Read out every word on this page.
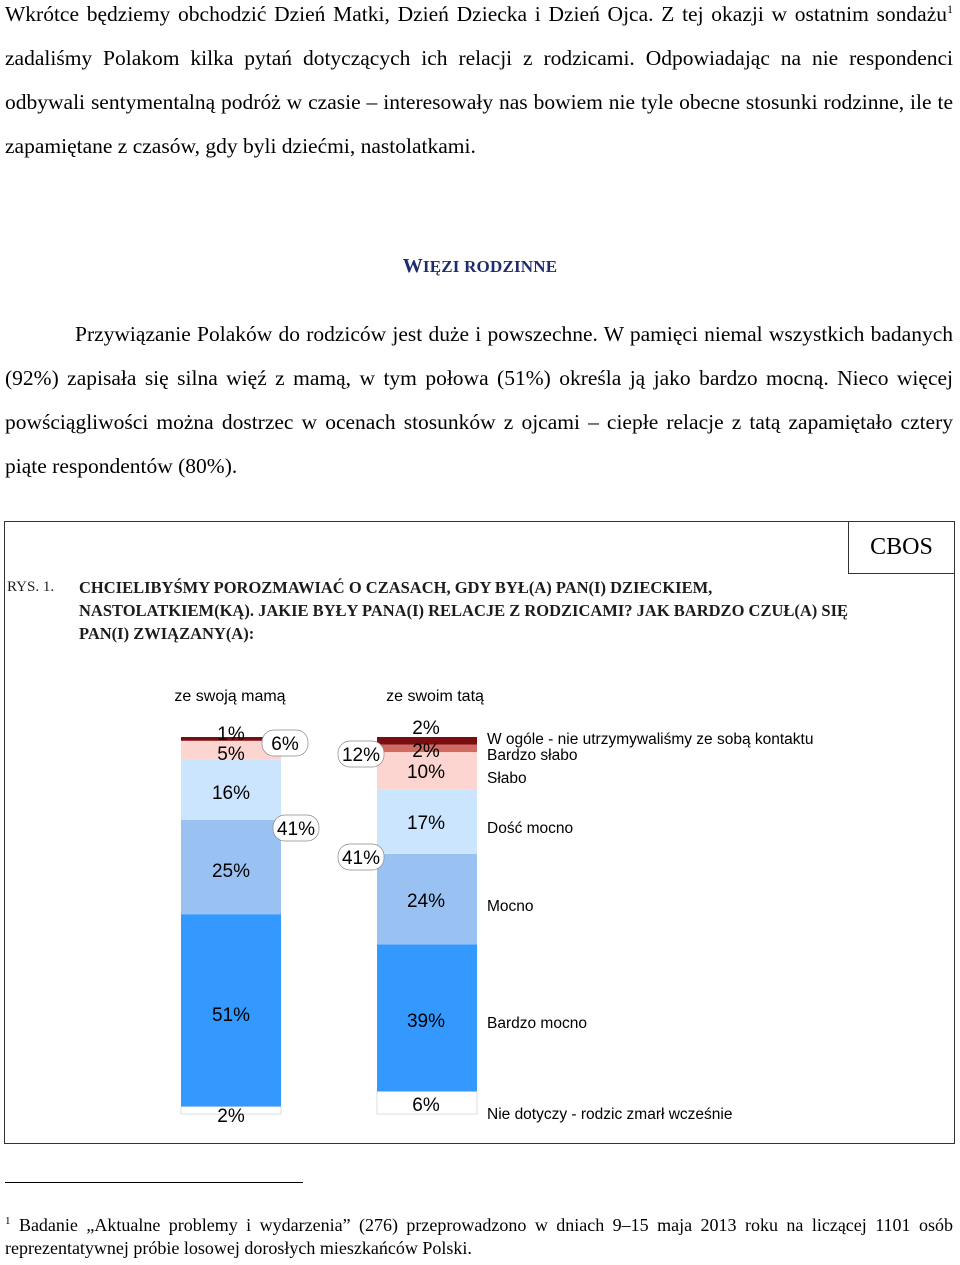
Wkrótce będziemy obchodzić Dzień Matki, Dzień Dziecka i Dzień Ojca. Z tej okazji w ostatnim sondażu$^1$ zadaliśmy Polakom kilka pytań dotyczących ich relacji z rodzicami. Odpowiadając na nie respondenci odbywali sentymentalną podróż w czasie – interesowały nas bowiem nie tyle obecne stosunki rodzinne, ile te zapamiętane z czasów, gdy byli dziećmi, nastolatkami.

WIĘZI RODZINNE

Przywiązanie Polaków do rodziców jest duże i powszechne. W pamięci niemal wszystkich badanych (92%) zapisała się silna więź z mamą, w tym połowa (51%) określa ją jako bardzo mocną. Nieco więcej powściągliwości można dostrzec w ocenach stosunków z ojcami – ciepłe relacje z tatą zapamiętało cztery piąte respondentów (80%).

CBOS
RYS. 1. CHCIELIBYŚMY POROZMAWIAĆ O CZASACH, GDY BYŁ(A) PAN(I) DZIECKIEM, NASTOLATKIEM(KĄ). JAKIE BYŁY PANA(I) RELACJE Z RODZICAMI? JAK BARDZO CZUŁ(A) SIĘ PAN(I) ZWIĄZANY(A):
ze swoją mamą	ze swoim tatą
2%
6%
51%	39%
25%
24%
16%
17%
5%
10%
2%
1%	2%
6%
41%
12%
41%
Nie dotyczy - rodzic zmarł wcześnie
Bardzo mocno
Mocno
Dość mocno
Słabo
Bardzo słabo
W ogóle - nie utrzymywaliśmy ze sobą kontaktu
$^1$ Badanie „Aktualne problemy i wydarzenia” (276) przeprowadzono w dniach 9–15 maja 2013 roku na liczącej 1101 osób reprezentatywnej próbie losowej dorosłych mieszkańców Polski.
